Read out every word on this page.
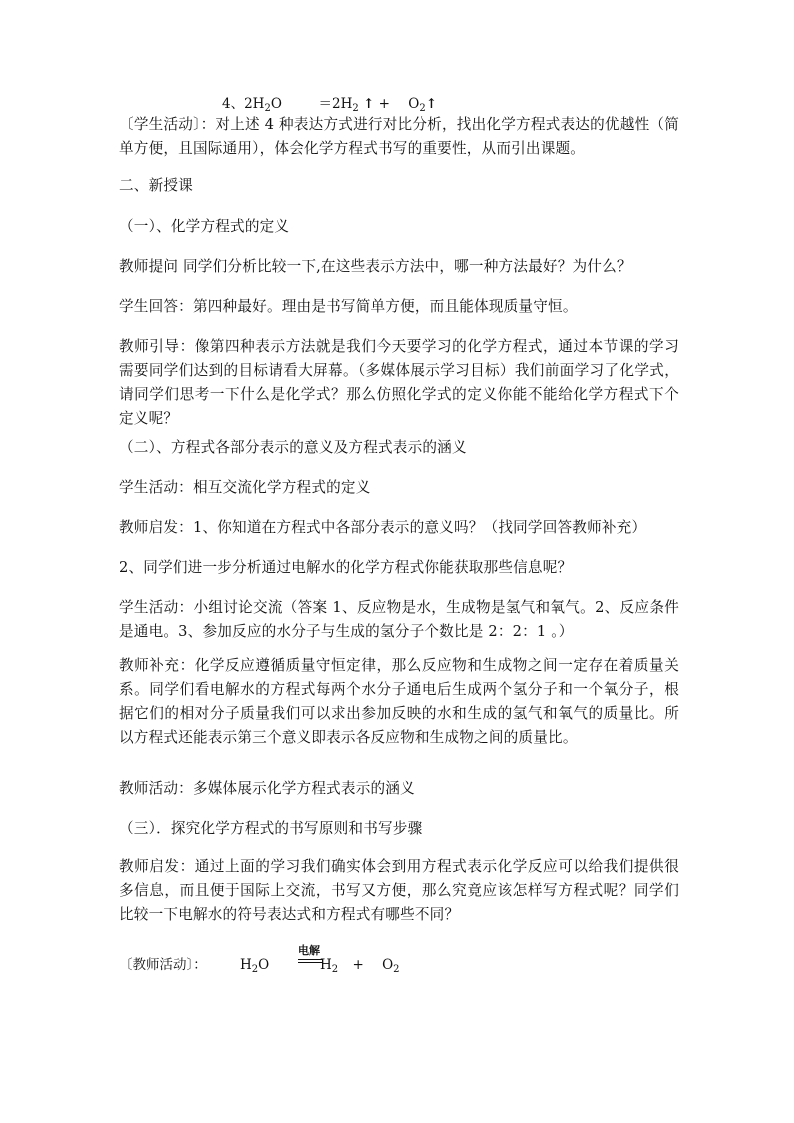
4、$2H_2O$	$=2H_2$ ↑ + $O_2↑$
〔学生活动〕：对上述 4 种表达方式进行对比分析，找出化学方程式表达的优越性（简单方便，且国际通用），体会化学方程式书写的重要性，从而引出课题。
二、新授课
（一）、化学方程式的定义
教师提问 同学们分析比较一下,在这些表示方法中，哪一种方法最好？为什么？
学生回答：第四种最好。理由是书写简单方便，而且能体现质量守恒。
教师引导：像第四种表示方法就是我们今天要学习的化学方程式，通过本节课的学习需要同学们达到的目标请看大屏幕。（多媒体展示学习目标）我们前面学习了化学式，请同学们思考一下什么是化学式？那么仿照化学式的定义你能不能给化学方程式下个定义呢？
（二）、方程式各部分表示的意义及方程式表示的涵义
学生活动：相互交流化学方程式的定义
教师启发：1、你知道在方程式中各部分表示的意义吗？（找同学回答教师补充）
2、同学们进一步分析通过电解水的化学方程式你能获取那些信息呢？
学生活动：小组讨论交流（答案 1、反应物是水，生成物是氢气和氧气。2、反应条件是通电。3、参加反应的水分子与生成的氢分子个数比是 2：2：1 。）
教师补充：化学反应遵循质量守恒定律，那么反应物和生成物之间一定存在着质量关系。同学们看电解水的方程式每两个水分子通电后生成两个氢分子和一个氧分子，根据它们的相对分子质量我们可以求出参加反映的水和生成的氢气和氧气的质量比。所以方程式还能表示第三个意义即表示各反应物和生成物之间的质量比。
教师活动：多媒体展示化学方程式表示的涵义
（三）．探究化学方程式的书写原则和书写步骤
教师启发：通过上面的学习我们确实体会到用方程式表示化学反应可以给我们提供很多信息，而且便于国际上交流，书写又方便，那么究竟应该怎样写方程式呢？同学们比较一下电解水的符号表达式和方程式有哪些不同？
〔教师活动〕：	$H_2O$
电解
$H_2 + O_2$
